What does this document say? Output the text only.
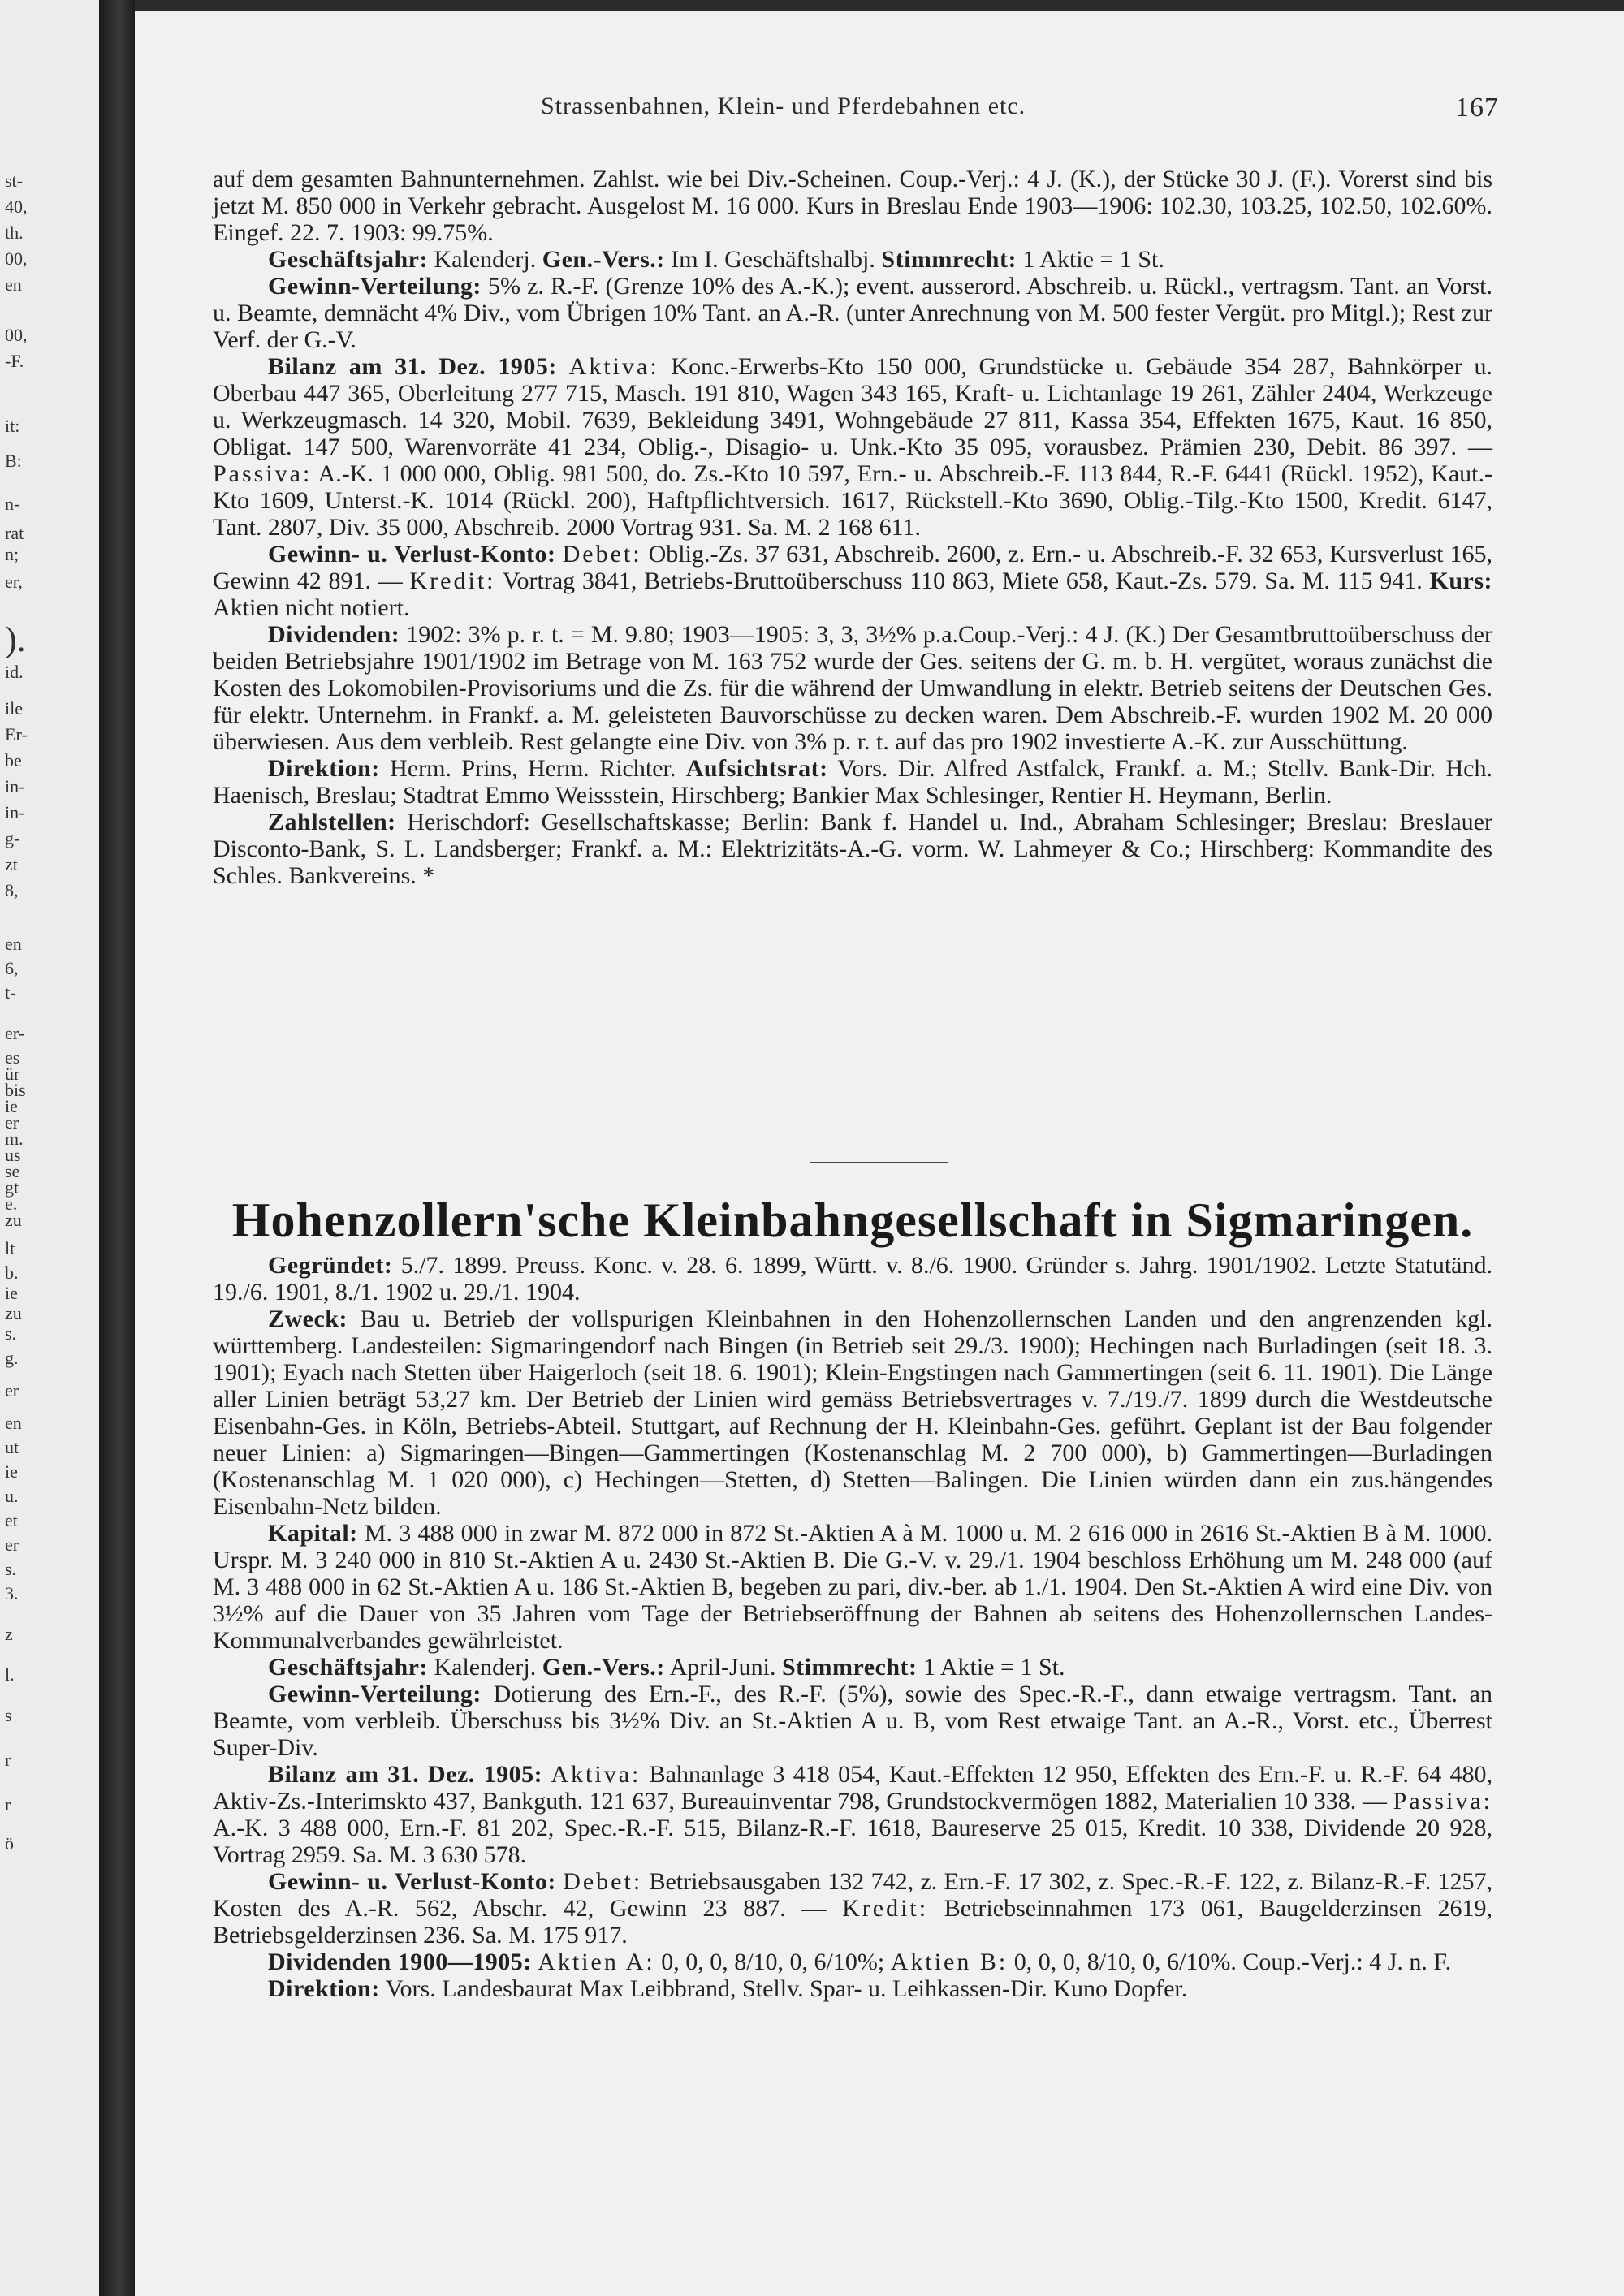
st-
40,
th.
00,
en
00,
-F.
it:
B:
n-
rat
n;
er,
).
id.
ile
Er-
be
in-
in-
g-
zt
8,
en
6,
t-
er-
es
ür
bis
ie
er
m.
us
se
gt
e.
zu
lt
b.
ie
zu
s.
g.
er
en
ut
ie
u.
et
er
s.
3.
z
l.
s
r
r
ö
Strassenbahnen, Klein- und Pferdebahnen etc.	167

auf dem gesamten Bahnunternehmen. Zahlst. wie bei Div.-Scheinen. Coup.-Verj.: 4 J. (K.), der Stücke 30 J. (F.). Vorerst sind bis jetzt M. 850 000 in Verkehr gebracht. Ausgelost M. 16 000. Kurs in Breslau Ende 1903—1906: 102.30, 103.25, 102.50, 102.60%. Eingef. 22. 7. 1903: 99.75%.

Geschäftsjahr: Kalenderj. Gen.-Vers.: Im I. Geschäftshalbj. Stimmrecht: 1 Aktie = 1 St.

Gewinn-Verteilung: 5% z. R.-F. (Grenze 10% des A.-K.); event. ausserord. Abschreib. u. Rückl., vertragsm. Tant. an Vorst. u. Beamte, demnächt 4% Div., vom Übrigen 10% Tant. an A.-R. (unter Anrechnung von M. 500 fester Vergüt. pro Mitgl.); Rest zur Verf. der G.-V.

Bilanz am 31. Dez. 1905: Aktiva: Konc.-Erwerbs-Kto 150 000, Grundstücke u. Gebäude 354 287, Bahnkörper u. Oberbau 447 365, Oberleitung 277 715, Masch. 191 810, Wagen 343 165, Kraft- u. Lichtanlage 19 261, Zähler 2404, Werkzeuge u. Werkzeugmasch. 14 320, Mobil. 7639, Bekleidung 3491, Wohngebäude 27 811, Kassa 354, Effekten 1675, Kaut. 16 850, Obligat. 147 500, Warenvorräte 41 234, Oblig.-, Disagio- u. Unk.-Kto 35 095, vorausbez. Prämien 230, Debit. 86 397. — Passiva: A.-K. 1 000 000, Oblig. 981 500, do. Zs.-Kto 10 597, Ern.- u. Abschreib.-F. 113 844, R.-F. 6441 (Rückl. 1952), Kaut.-Kto 1609, Unterst.-K. 1014 (Rückl. 200), Haftpflichtversich. 1617, Rückstell.-Kto 3690, Oblig.-Tilg.-Kto 1500, Kredit. 6147, Tant. 2807, Div. 35 000, Abschreib. 2000 Vortrag 931. Sa. M. 2 168 611.

Gewinn- u. Verlust-Konto: Debet: Oblig.-Zs. 37 631, Abschreib. 2600, z. Ern.- u. Abschreib.-F. 32 653, Kursverlust 165, Gewinn 42 891. — Kredit: Vortrag 3841, Betriebs-Bruttoüberschuss 110 863, Miete 658, Kaut.-Zs. 579. Sa. M. 115 941. Kurs: Aktien nicht notiert.

Dividenden: 1902: 3% p. r. t. = M. 9.80; 1903—1905: 3, 3, 3½% p.a.Coup.-Verj.: 4 J. (K.) Der Gesamtbruttoüberschuss der beiden Betriebsjahre 1901/1902 im Betrage von M. 163 752 wurde der Ges. seitens der G. m. b. H. vergütet, woraus zunächst die Kosten des Lokomobilen-Provisoriums und die Zs. für die während der Umwandlung in elektr. Betrieb seitens der Deutschen Ges. für elektr. Unternehm. in Frankf. a. M. geleisteten Bauvorschüsse zu decken waren. Dem Abschreib.-F. wurden 1902 M. 20 000 überwiesen. Aus dem verbleib. Rest gelangte eine Div. von 3% p. r. t. auf das pro 1902 investierte A.-K. zur Ausschüttung.

Direktion: Herm. Prins, Herm. Richter. Aufsichtsrat: Vors. Dir. Alfred Astfalck, Frankf. a. M.; Stellv. Bank-Dir. Hch. Haenisch, Breslau; Stadtrat Emmo Weissstein, Hirschberg; Bankier Max Schlesinger, Rentier H. Heymann, Berlin.

Zahlstellen: Herischdorf: Gesellschaftskasse; Berlin: Bank f. Handel u. Ind., Abraham Schlesinger; Breslau: Breslauer Disconto-Bank, S. L. Landsberger; Frankf. a. M.: Elektrizitäts-A.-G. vorm. W. Lahmeyer & Co.; Hirschberg: Kommandite des Schles. Bankvereins. *

Hohenzollern'sche Kleinbahngesellschaft in Sigmaringen.

Gegründet: 5./7. 1899. Preuss. Konc. v. 28. 6. 1899, Württ. v. 8./6. 1900. Gründer s. Jahrg. 1901/1902. Letzte Statutänd. 19./6. 1901, 8./1. 1902 u. 29./1. 1904.

Zweck: Bau u. Betrieb der vollspurigen Kleinbahnen in den Hohenzollernschen Landen und den angrenzenden kgl. württemberg. Landesteilen: Sigmaringendorf nach Bingen (in Betrieb seit 29./3. 1900); Hechingen nach Burladingen (seit 18. 3. 1901); Eyach nach Stetten über Haigerloch (seit 18. 6. 1901); Klein-Engstingen nach Gammertingen (seit 6. 11. 1901). Die Länge aller Linien beträgt 53,27 km. Der Betrieb der Linien wird gemäss Betriebsvertrages v. 7./19./7. 1899 durch die Westdeutsche Eisenbahn-Ges. in Köln, Betriebs-Abteil. Stuttgart, auf Rechnung der H. Kleinbahn-Ges. geführt. Geplant ist der Bau folgender neuer Linien: a) Sigmaringen—Bingen—Gammertingen (Kostenanschlag M. 2 700 000), b) Gammertingen—Burladingen (Kostenanschlag M. 1 020 000), c) Hechingen—Stetten, d) Stetten—Balingen. Die Linien würden dann ein zus.hängendes Eisenbahn-Netz bilden.

Kapital: M. 3 488 000 in zwar M. 872 000 in 872 St.-Aktien A à M. 1000 u. M. 2 616 000 in 2616 St.-Aktien B à M. 1000. Urspr. M. 3 240 000 in 810 St.-Aktien A u. 2430 St.-Aktien B. Die G.-V. v. 29./1. 1904 beschloss Erhöhung um M. 248 000 (auf M. 3 488 000 in 62 St.-Aktien A u. 186 St.-Aktien B, begeben zu pari, div.-ber. ab 1./1. 1904. Den St.-Aktien A wird eine Div. von 3½% auf die Dauer von 35 Jahren vom Tage der Betriebseröffnung der Bahnen ab seitens des Hohenzollernschen Landes-Kommunalverbandes gewährleistet.

Geschäftsjahr: Kalenderj. Gen.-Vers.: April-Juni. Stimmrecht: 1 Aktie = 1 St.

Gewinn-Verteilung: Dotierung des Ern.-F., des R.-F. (5%), sowie des Spec.-R.-F., dann etwaige vertragsm. Tant. an Beamte, vom verbleib. Überschuss bis 3½% Div. an St.-Aktien A u. B, vom Rest etwaige Tant. an A.-R., Vorst. etc., Überrest Super-Div.

Bilanz am 31. Dez. 1905: Aktiva: Bahnanlage 3 418 054, Kaut.-Effekten 12 950, Effekten des Ern.-F. u. R.-F. 64 480, Aktiv-Zs.-Interimskto 437, Bankguth. 121 637, Bureauinventar 798, Grundstockvermögen 1882, Materialien 10 338. — Passiva: A.-K. 3 488 000, Ern.-F. 81 202, Spec.-R.-F. 515, Bilanz-R.-F. 1618, Baureserve 25 015, Kredit. 10 338, Dividende 20 928, Vortrag 2959. Sa. M. 3 630 578.

Gewinn- u. Verlust-Konto: Debet: Betriebsausgaben 132 742, z. Ern.-F. 17 302, z. Spec.-R.-F. 122, z. Bilanz-R.-F. 1257, Kosten des A.-R. 562, Abschr. 42, Gewinn 23 887. — Kredit: Betriebseinnahmen 173 061, Baugelderzinsen 2619, Betriebsgelderzinsen 236. Sa. M. 175 917.

Dividenden 1900—1905: Aktien A: 0, 0, 0, 8/10, 0, 6/10%; Aktien B: 0, 0, 0, 8/10, 0, 6/10%. Coup.-Verj.: 4 J. n. F.

Direktion: Vors. Landesbaurat Max Leibbrand, Stellv. Spar- u. Leihkassen-Dir. Kuno Dopfer.
